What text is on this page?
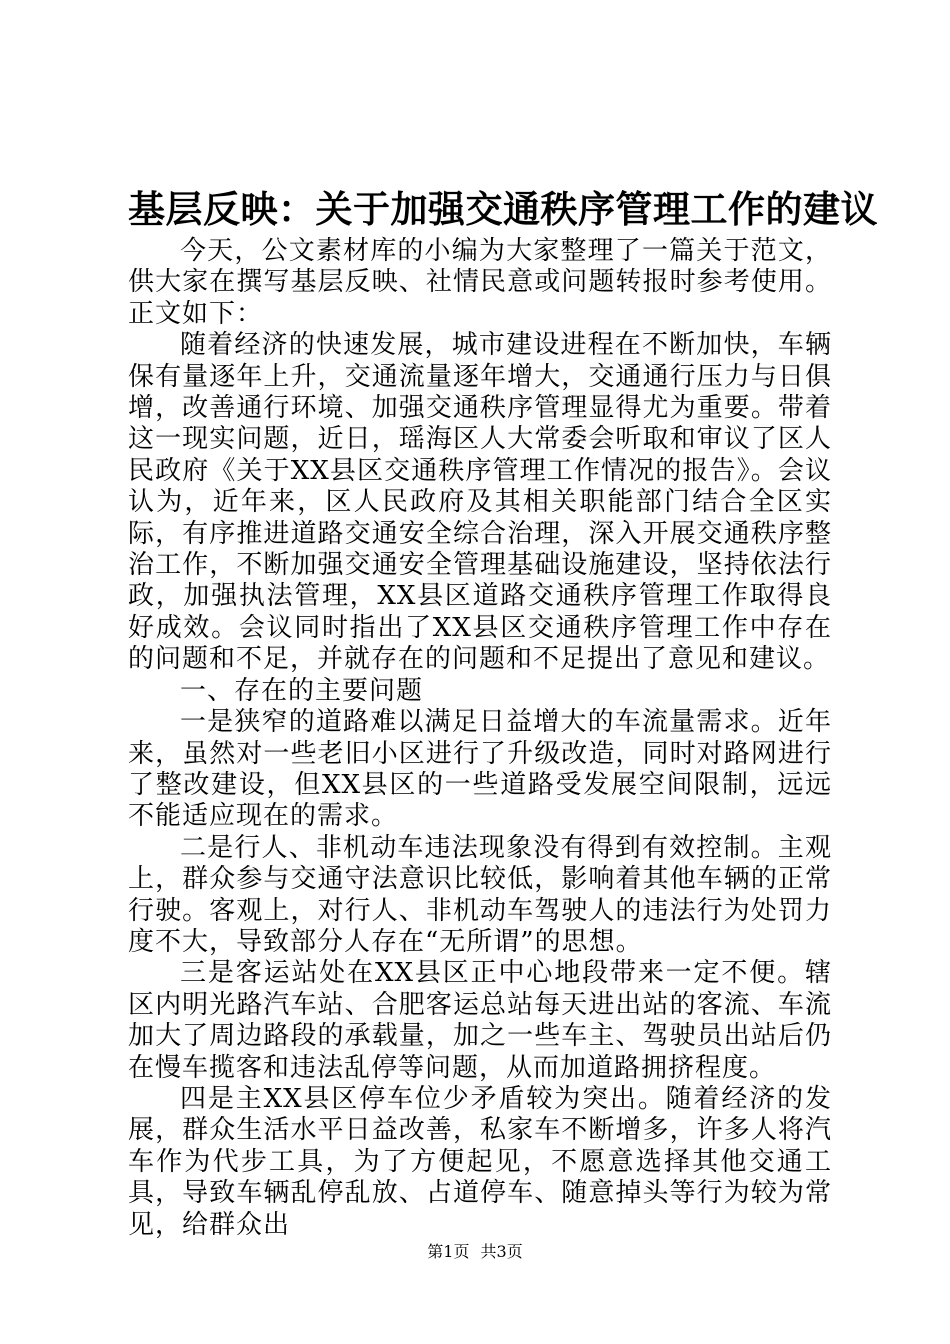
基层反映：关于加强交通秩序管理工作的建议

今天，公文素材库的小编为大家整理了一篇关于范文，供大家在撰写基层反映、社情民意或问题转报时参考使用。正文如下：

随着经济的快速发展，城市建设进程在不断加快，车辆保有量逐年上升，交通流量逐年增大，交通通行压力与日俱增，改善通行环境、加强交通秩序管理显得尤为重要。带着这一现实问题，近日，瑶海区人大常委会听取和审议了区人民政府《关于XX县区交通秩序管理工作情况的报告》。会议认为，近年来，区人民政府及其相关职能部门结合全区实际，有序推进道路交通安全综合治理，深入开展交通秩序整治工作，不断加强交通安全管理基础设施建设，坚持依法行政，加强执法管理，XX县区道路交通秩序管理工作取得良好成效。会议同时指出了XX县区交通秩序管理工作中存在的问题和不足，并就存在的问题和不足提出了意见和建议。

一、存在的主要问题

一是狭窄的道路难以满足日益增大的车流量需求。近年来，虽然对一些老旧小区进行了升级改造，同时对路网进行了整改建设，但XX县区的一些道路受发展空间限制，远远不能适应现在的需求。

二是行人、非机动车违法现象没有得到有效控制。主观上，群众参与交通守法意识比较低，影响着其他车辆的正常行驶。客观上，对行人、非机动车驾驶人的违法行为处罚力度不大，导致部分人存在“无所谓”的思想。

三是客运站处在XX县区正中心地段带来一定不便。辖区内明光路汽车站、合肥客运总站每天进出站的客流、车流加大了周边路段的承载量，加之一些车主、驾驶员出站后仍在慢车揽客和违法乱停等问题，从而加道路拥挤程度。

四是主XX县区停车位少矛盾较为突出。随着经济的发展，群众生活水平日益改善，私家车不断增多，许多人将汽车作为代步工具，为了方便起见，不愿意选择其他交通工具，导致车辆乱停乱放、占道停车、随意掉头等行为较为常见，给群众出

第1页 共3页
